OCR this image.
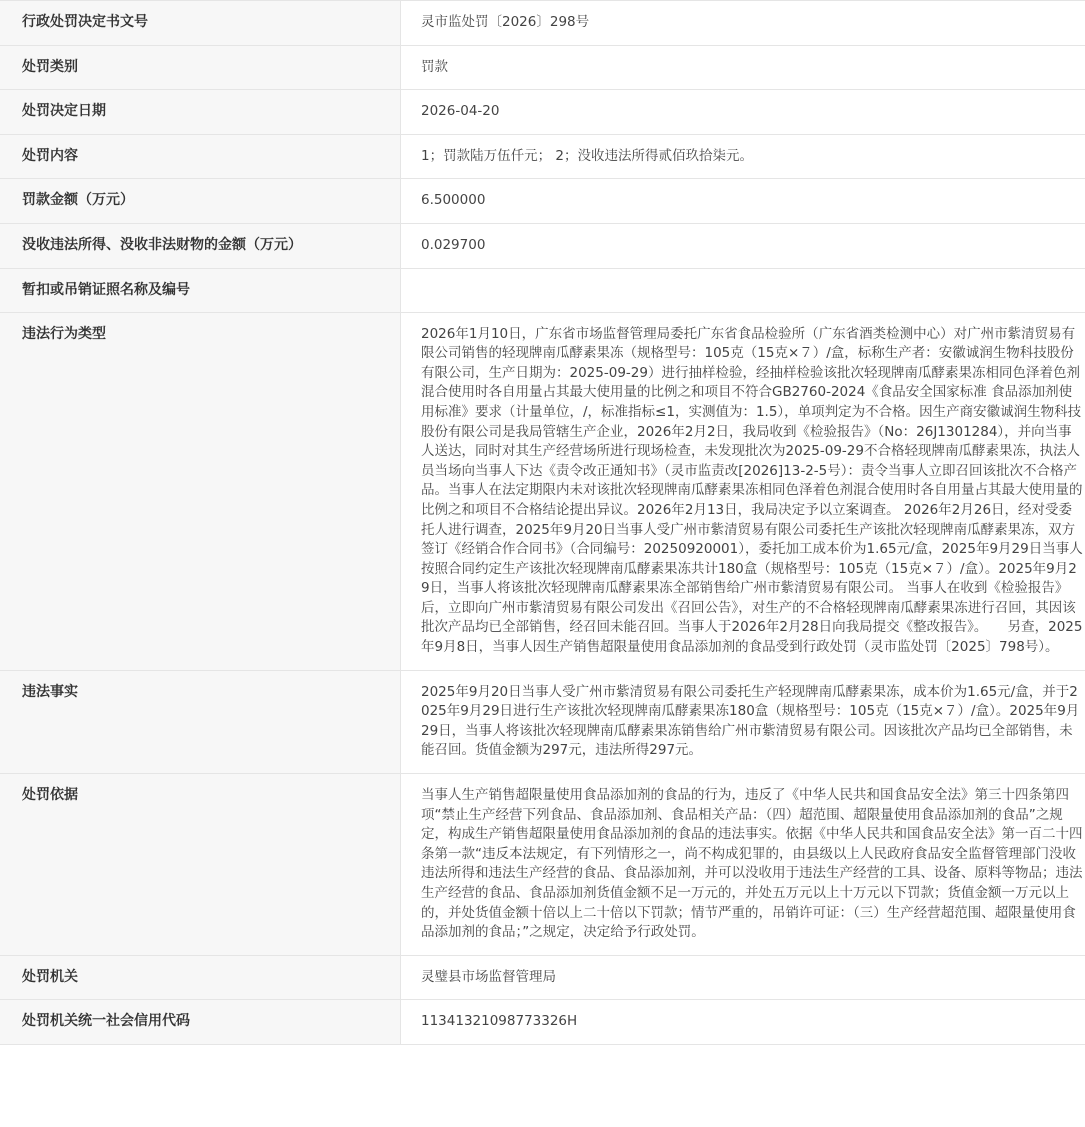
行政处罚决定书文号	灵市监处罚〔2026〕298号
处罚类别	罚款
处罚决定日期	2026-04-20
处罚内容	1；罚款陆万伍仟元； 2；没收违法所得贰佰玖拾柒元。
罚款金额（万元）	6.500000
没收违法所得、没收非法财物的金额（万元）	0.029700
暂扣或吊销证照名称及编号	
违法行为类型	2026年1月10日，广东省市场监督管理局委托广东省食品检验所（广东省酒类检测中心）对广州市紫清贸易有限公司销售的轻现牌南瓜酵素果冻（规格型号：105克（15克×７）/盒，标称生产者：安徽诚润生物科技股份有限公司，生产日期为：2025-09-29）进行抽样检验，经抽样检验该批次轻现牌南瓜酵素果冻相同色泽着色剂混合使用时各自用量占其最大使用量的比例之和项目不符合GB2760-2024《食品安全国家标准 食品添加剂使用标准》要求（计量单位，/，标准指标≤1，实测值为：1.5），单项判定为不合格。因生产商安徽诚润生物科技股份有限公司是我局管辖生产企业，2026年2月2日，我局收到《检验报告》（No：26J1301284），并向当事人送达，同时对其生产经营场所进行现场检查，未发现批次为2025-09-29不合格轻现牌南瓜酵素果冻，执法人员当场向当事人下达《责令改正通知书》（灵市监责改[2026]13-2-5号）：责令当事人立即召回该批次不合格产品。当事人在法定期限内未对该批次轻现牌南瓜酵素果冻相同色泽着色剂混合使用时各自用量占其最大使用量的比例之和项目不合格结论提出异议。2026年2月13日，我局决定予以立案调查。 2026年2月26日，经对受委托人进行调查，2025年9月20日当事人受广州市紫清贸易有限公司委托生产该批次轻现牌南瓜酵素果冻，双方签订《经销合作合同书》（合同编号：20250920001），委托加工成本价为1.65元/盒，2025年9月29日当事人按照合同约定生产该批次轻现牌南瓜酵素果冻共计180盒（规格型号：105克（15克×７）/盒）。2025年9月29日，当事人将该批次轻现牌南瓜酵素果冻全部销售给广州市紫清贸易有限公司。 当事人在收到《检验报告》后，立即向广州市紫清贸易有限公司发出《召回公告》，对生产的不合格轻现牌南瓜酵素果冻进行召回，其因该批次产品均已全部销售，经召回未能召回。当事人于2026年2月28日向我局提交《整改报告》。　　另查，2025年9月8日，当事人因生产销售超限量使用食品添加剂的食品受到行政处罚（灵市监处罚〔2025〕798号）。
违法事实	2025年9月20日当事人受广州市紫清贸易有限公司委托生产轻现牌南瓜酵素果冻，成本价为1.65元/盒，并于2025年9月29日进行生产该批次轻现牌南瓜酵素果冻180盒（规格型号：105克（15克×７）/盒）。2025年9月29日，当事人将该批次轻现牌南瓜酵素果冻销售给广州市紫清贸易有限公司。因该批次产品均已全部销售，未能召回。货值金额为297元，违法所得297元。
处罚依据	当事人生产销售超限量使用食品添加剂的食品的行为，违反了《中华人民共和国食品安全法》第三十四条第四项“禁止生产经营下列食品、食品添加剂、食品相关产品：（四）超范围、超限量使用食品添加剂的食品”之规定，构成生产销售超限量使用食品添加剂的食品的违法事实。依据《中华人民共和国食品安全法》第一百二十四条第一款“违反本法规定，有下列情形之一，尚不构成犯罪的，由县级以上人民政府食品安全监督管理部门没收违法所得和违法生产经营的食品、食品添加剂，并可以没收用于违法生产经营的工具、设备、原料等物品；违法生产经营的食品、食品添加剂货值金额不足一万元的，并处五万元以上十万元以下罚款；货值金额一万元以上的，并处货值金额十倍以上二十倍以下罚款；情节严重的，吊销许可证：（三）生产经营超范围、超限量使用食品添加剂的食品；”之规定，决定给予行政处罚。
处罚机关	灵璧县市场监督管理局
处罚机关统一社会信用代码	11341321098773326H
